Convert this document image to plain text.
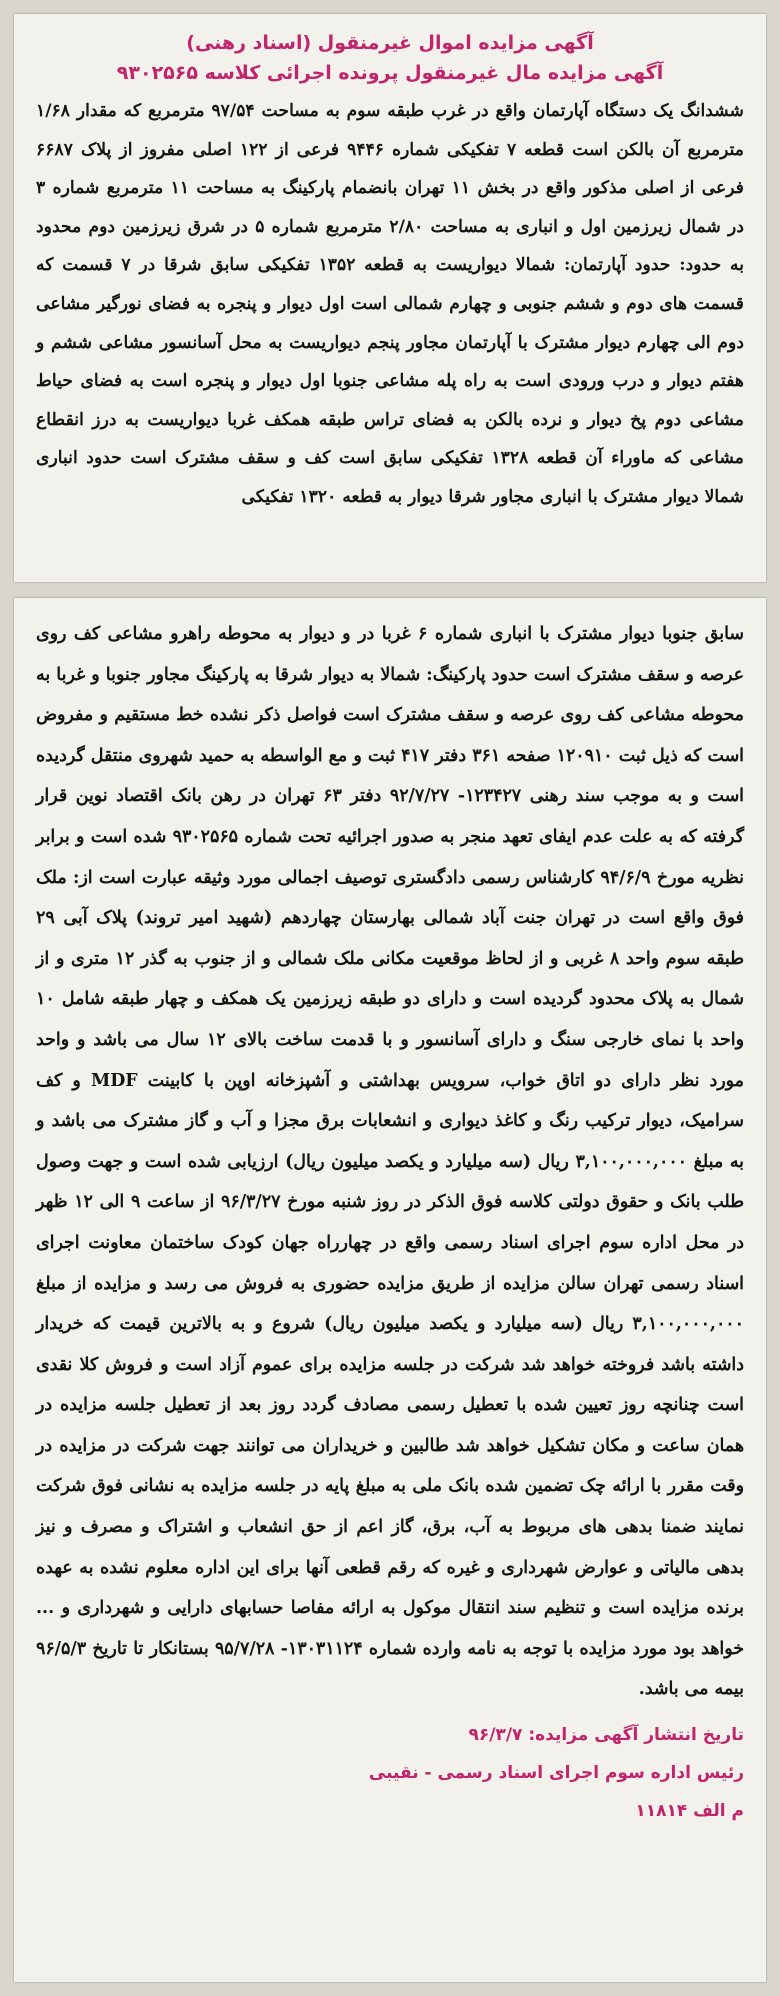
آگهی مزایده اموال غیرمنقول (اسناد رهنی)
آگهی مزایده مال غیرمنقول پرونده اجرائی کلاسه ۹۳۰۲۵۶۵

ششدانگ یک دستگاه آپارتمان واقع در غرب طبقه سوم به مساحت ۹۷/۵۴ مترمربع که مقدار ۱/۶۸ مترمربع آن بالکن است قطعه ۷ تفکیکی شماره ۹۴۴۶ فرعی از ۱۲۲ اصلی مفروز از پلاک ۶۶۸۷ فرعی از اصلی مذکور واقع در بخش ۱۱ تهران بانضمام پارکینگ به مساحت ۱۱ مترمربع شماره ۳ در شمال زیرزمین اول و انباری به مساحت ۲/۸۰ مترمربع شماره ۵ در شرق زیرزمین دوم محدود به حدود: حدود آپارتمان: شمالا دیواریست به قطعه ۱۳۵۲ تفکیکی سابق شرقا در ۷ قسمت که قسمت های دوم و ششم جنوبی و چهارم شمالی است اول دیوار و پنجره به فضای نورگیر مشاعی دوم الی چهارم دیوار مشترک با آپارتمان مجاور پنجم دیواریست به محل آسانسور مشاعی ششم و هفتم دیوار و درب ورودی است به راه پله مشاعی جنوبا اول دیوار و پنجره است به فضای حیاط مشاعی دوم پخ دیوار و نرده بالکن به فضای تراس طبقه همکف غربا دیواریست به درز انقطاع مشاعی که ماوراء آن قطعه ۱۳۲۸ تفکیکی سابق است کف و سقف مشترک است حدود انباری شمالا دیوار مشترک با انباری مجاور شرقا دیوار به قطعه ۱۳۲۰ تفکیکی

سابق جنوبا دیوار مشترک با انباری شماره ۶ غربا در و دیوار به محوطه راهرو مشاعی کف روی عرصه و سقف مشترک است حدود پارکینگ: شمالا به دیوار شرقا به پارکینگ مجاور جنوبا و غربا به محوطه مشاعی کف روی عرصه و سقف مشترک است فواصل ذکر نشده خط مستقیم و مفروض است که ذیل ثبت ۱۲۰۹۱۰ صفحه ۳۶۱ دفتر ۴۱۷ ثبت و مع الواسطه به حمید شهروی منتقل گردیده است و به موجب سند رهنی ۱۲۳۴۲۷- ۹۲/۷/۲۷ دفتر ۶۳ تهران در رهن بانک اقتصاد نوین قرار گرفته که به علت عدم ایفای تعهد منجر به صدور اجرائیه تحت شماره ۹۳۰۲۵۶۵ شده است و برابر نظریه مورخ ۹۴/۶/۹ کارشناس رسمی دادگستری توصیف اجمالی مورد وثیقه عبارت است از: ملک فوق واقع است در تهران جنت آباد شمالی بهارستان چهاردهم (شهید امیر تروند) پلاک آبی ۲۹ طبقه سوم واحد ۸ غربی و از لحاظ موقعیت مکانی ملک شمالی و از جنوب به گذر ۱۲ متری و از شمال به پلاک محدود گردیده است و دارای دو طبقه زیرزمین یک همکف و چهار طبقه شامل ۱۰ واحد با نمای خارجی سنگ و دارای آسانسور و با قدمت ساخت بالای ۱۲ سال می باشد و واحد مورد نظر دارای دو اتاق خواب، سرویس بهداشتی و آشپزخانه اوپن با کابینت MDF و کف سرامیک، دیوار ترکیب رنگ و کاغذ دیواری و انشعابات برق مجزا و آب و گاز مشترک می باشد و به مبلغ ۳,۱۰۰,۰۰۰,۰۰۰ ریال (سه میلیارد و یکصد میلیون ریال) ارزیابی شده است و جهت وصول طلب بانک و حقوق دولتی کلاسه فوق الذکر در روز شنبه مورخ ۹۶/۳/۲۷ از ساعت ۹ الی ۱۲ ظهر در محل اداره سوم اجرای اسناد رسمی واقع در چهارراه جهان کودک ساختمان معاونت اجرای اسناد رسمی تهران سالن مزایده از طریق مزایده حضوری به فروش می رسد و مزایده از مبلغ ۳,۱۰۰,۰۰۰,۰۰۰ ریال (سه میلیارد و یکصد میلیون ریال) شروع و به بالاترین قیمت که خریدار داشته باشد فروخته خواهد شد شرکت در جلسه مزایده برای عموم آزاد است و فروش کلا نقدی است چنانچه روز تعیین شده با تعطیل رسمی مصادف گردد روز بعد از تعطیل جلسه مزایده در همان ساعت و مکان تشکیل خواهد شد طالبین و خریداران می توانند جهت شرکت در مزایده در وقت مقرر با ارائه چک تضمین شده بانک ملی به مبلغ پایه در جلسه مزایده به نشانی فوق شرکت نمایند ضمنا بدهی های مربوط به آب، برق، گاز اعم از حق انشعاب و اشتراک و مصرف و نیز بدهی مالیاتی و عوارض شهرداری و غیره که رقم قطعی آنها برای این اداره معلوم نشده به عهده برنده مزایده است و تنظیم سند انتقال موکول به ارائه مفاصا حسابهای دارایی و شهرداری و ... خواهد بود مورد مزایده با توجه به نامه وارده شماره ۱۳۰۳۱۱۲۴- ۹۵/۷/۲۸ بستانکار تا تاریخ ۹۶/۵/۳ بیمه می باشد.

تاریخ انتشار آگهی مزایده: ۹۶/۳/۷

رئیس اداره سوم اجرای اسناد رسمی - نقیبی

م الف ۱۱۸۱۴
